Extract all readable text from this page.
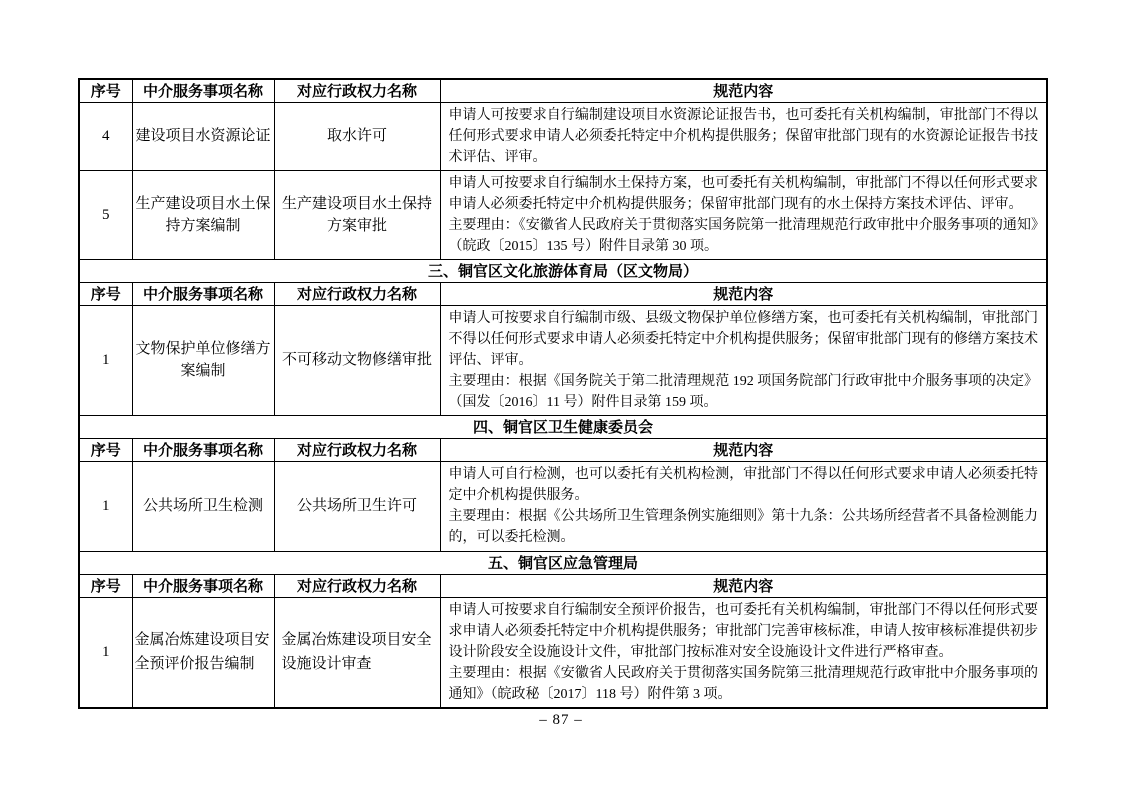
序号	中介服务事项名称	对应行政权力名称	规范内容
4	建设项目水资源论证	取水许可	申请人可按要求自行编制建设项目水资源论证报告书，也可委托有关机构编制，审批部门不得以任何形式要求申请人必须委托特定中介机构提供服务；保留审批部门现有的水资源论证报告书技术评估、评审。

5	生产建设项目水土保持方案编制	生产建设项目水土保持方案审批	申请人可按要求自行编制水土保持方案，也可委托有关机构编制，审批部门不得以任何形式要求申请人必须委托特定中介机构提供服务；保留审批部门现有的水土保持方案技术评估、评审。
主要理由：《安徽省人民政府关于贯彻落实国务院第一批清理规范行政审批中介服务事项的通知》（皖政〔2015〕135 号）附件目录第 30 项。

三、铜官区文化旅游体育局（区文物局）			
序号	中介服务事项名称	对应行政权力名称	规范内容
1	文物保护单位修缮方案编制	不可移动文物修缮审批	申请人可按要求自行编制市级、县级文物保护单位修缮方案，也可委托有关机构编制，审批部门不得以任何形式要求申请人必须委托特定中介机构提供服务；保留审批部门现有的修缮方案技术评估、评审。
主要理由：根据《国务院关于第二批清理规范 192 项国务院部门行政审批中介服务事项的决定》（国发〔2016〕11 号）附件目录第 159 项。

四、铜官区卫生健康委员会			
序号	中介服务事项名称	对应行政权力名称	规范内容
1	公共场所卫生检测	公共场所卫生许可	申请人可自行检测，也可以委托有关机构检测，审批部门不得以任何形式要求申请人必须委托特定中介机构提供服务。
主要理由：根据《公共场所卫生管理条例实施细则》第十九条：公共场所经营者不具备检测能力的，可以委托检测。

五、铜官区应急管理局			
序号	中介服务事项名称	对应行政权力名称	规范内容
1	金属冶炼建设项目安全预评价报告编制	金属冶炼建设项目安全设施设计审查	申请人可按要求自行编制安全预评价报告，也可委托有关机构编制，审批部门不得以任何形式要求申请人必须委托特定中介机构提供服务；审批部门完善审核标准，申请人按审核标准提供初步设计阶段安全设施设计文件，审批部门按标准对安全设施设计文件进行严格审查。
主要理由：根据《安徽省人民政府关于贯彻落实国务院第三批清理规范行政审批中介服务事项的通知》（皖政秘〔2017〕118 号）附件第 3 项。
– 87 –
